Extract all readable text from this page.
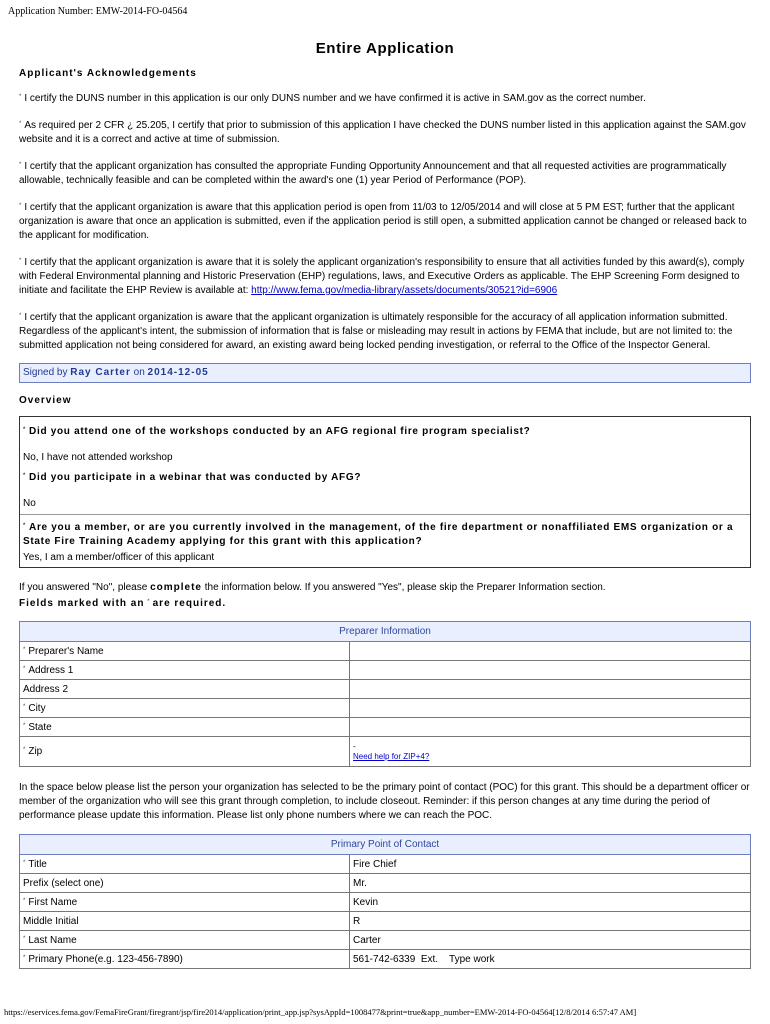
Application Number: EMW-2014-FO-04564
Entire Application
Applicant's Acknowledgements
* I certify the DUNS number in this application is our only DUNS number and we have confirmed it is active in SAM.gov as the correct number.
* As required per 2 CFR ¿ 25.205, I certify that prior to submission of this application I have checked the DUNS number listed in this application against the SAM.gov website and it is a correct and active at time of submission.
* I certify that the applicant organization has consulted the appropriate Funding Opportunity Announcement and that all requested activities are programmatically allowable, technically feasible and can be completed within the award's one (1) year Period of Performance (POP).
* I certify that the applicant organization is aware that this application period is open from 11/03 to 12/05/2014 and will close at 5 PM EST; further that the applicant organization is aware that once an application is submitted, even if the application period is still open, a submitted application cannot be changed or released back to the applicant for modification.
* I certify that the applicant organization is aware that it is solely the applicant organization's responsibility to ensure that all activities funded by this award(s), comply with Federal Environmental planning and Historic Preservation (EHP) regulations, laws, and Executive Orders as applicable. The EHP Screening Form designed to initiate and facilitate the EHP Review is available at: http://www.fema.gov/media-library/assets/documents/30521?id=6906
* I certify that the applicant organization is aware that the applicant organization is ultimately responsible for the accuracy of all application information submitted. Regardless of the applicant's intent, the submission of information that is false or misleading may result in actions by FEMA that include, but are not limited to: the submitted application not being considered for award, an existing award being locked pending investigation, or referral to the Office of the Inspector General.
Signed by Ray Carter on 2014-12-05
Overview
* Did you attend one of the workshops conducted by an AFG regional fire program specialist?
No, I have not attended workshop
* Did you participate in a webinar that was conducted by AFG?
No
* Are you a member, or are you currently involved in the management, of the fire department or nonaffiliated EMS organization or a State Fire Training Academy applying for this grant with this application?
Yes, I am a member/officer of this applicant
If you answered "No", please complete the information below. If you answered "Yes", please skip the Preparer Information section.
Fields marked with an * are required.
Preparer Information	
* Preparer's Name	
* Address 1	
Address 2	
* City	
* State	
* Zip	-
Need help for ZIP+4?
In the space below please list the person your organization has selected to be the primary point of contact (POC) for this grant. This should be a department officer or member of the organization who will see this grant through completion, to include closeout. Reminder: if this person changes at any time during the period of performance please update this information. Please list only phone numbers where we can reach the POC.
Primary Point of Contact	
* Title	Fire Chief
Prefix (select one)	Mr.
* First Name	Kevin
Middle Initial	R
* Last Name	Carter
* Primary Phone(e.g. 123-456-7890)	561-742-6339 Ext. Type work
https://eservices.fema.gov/FemaFireGrant/firegrant/jsp/fire2014/application/print_app.jsp?sysAppId=1008477&print=true&app_number=EMW-2014-FO-04564[12/8/2014 6:57:47 AM]
